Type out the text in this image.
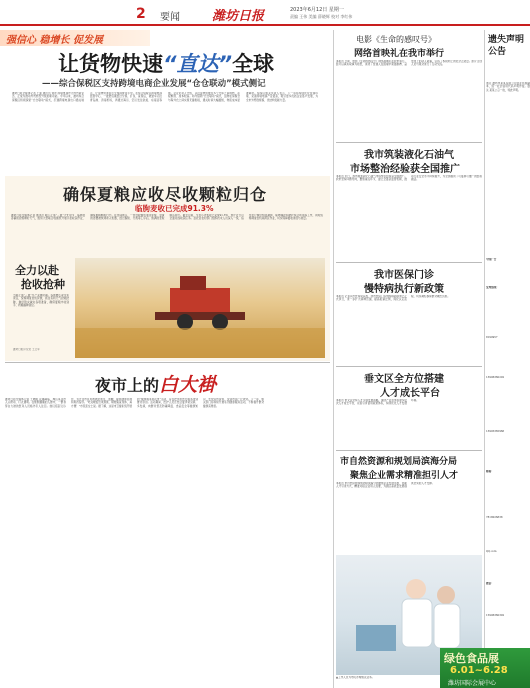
2 要闻 潍坊日报	2023年6月12日 星期一
责编 王伟 美编 薛晓辉 校对 李红伟
强信心 稳增长 促发展
让货物快速“直达”全球
——综合保税区支持跨境电商企业发展“仓仓联动”模式侧记
潍坊日报全媒体记者 王蕾 通讯员 刘洋 跨境电商作为外贸新业态，正成为推动外贸转型升级的新动能。今年以来，潍坊综合保税区积极探索“仓仓联动”模式，打通跨境电商出口通关堵点，让货物快速直达全球消费者手中。在综合保税区跨境电商监管中心，一批批包裹经过分拣、打包、查验后，被装车运往青岛港、济南机场，再通过海运、空运发往欧美、东南亚等地。企业负责人介绍，以往货物需要在多个仓库之间周转，流程繁琐、成本较高。如今借助“仓仓联动”模式，货物在保税仓与海外仓之间实现无缝衔接，通关时间大幅缩短，物流成本显著降低。综保区相关负责人表示，下一步将持续优化营商环境，完善跨境电商产业链条，吸引更多优质企业落户发展，为全市外贸稳规模、优结构贡献力量。
确保夏粮应收尽收颗粒归仓
临朐麦收已完成91.3%
潍坊日报全媒体记者 通讯员 眼下正值“三夏”大忙时节，临朐县各镇街抢抓晴好天气，组织大型联合收割机开展小麦收获作业，确保夏粮颗粒归仓。在田间地头，一台台收割机来回穿梭，金黄的麦穗被快速卷入机器，经过脱粒、分离等工序后，饱满的麦粒倾泻而出。截至目前，全县小麦机收已完成91.3%，预计近日可全面完成收获任务。县农业农村部门组织技术人员深入一线，指导农户做好机收减损、晾晒储存和秸秆综合利用等工作，同时统筹调度农机具跨区作业，切实保障夏收进度与质量。
全力以赴
抢收抢种
当前正值“三夏”生产关键时期。各地要压紧压实责任，统筹调度农机资源，抓住有利天气抢收抢种，做好防灾减灾各项准备，确保夏粮丰收到手、秋粮播种到位。
潍坊日报评论员 王立军
夜市上的白大褂
潍坊日报全媒体记者 王晓明 夜幕降临，城区某夜市人头攒动、灯火通明。在熙熙攘攘的人群中，一群身穿白大褂的医务人员格外引人注目。他们搭起义诊台，为过往市民免费测量血压、血糖，提供健康咨询和用药指导。“吃完晚饭出来逛逛，顺便查查身体，真方便！”市民张女士说。据了解，这是市卫健系统开展的“健康服务进夜市”活动，旨在把优质医疗服务送到群众身边。活动期间，医护人员还结合夏季常见病、多发病，向群众普及防暑降温、食品安全等健康知识，发放宣传资料，受到市民广泛欢迎。下一步，相关部门将持续开展系列健康服务活动，不断提升群众健康获得感。
电影《生命的感叹号》
网络首映礼在我市举行
本报讯 日前，电影《生命的感叹号》网络首映礼在我市举行。影片以真实故事为原型，讲述了普通人在困境中顽强拼搏、奋发向上的动人故事，弘扬了积极向上的社会正能量。影片主创人员与观众进行了互动交流。
我市筑装液化石油气
市场整治经验获全国推广
本报讯 近日，我市瓶装液化石油气市场整治经验获全国推广。我市坚持问题导向，聚焦重点环节，建立全链条监管机制，推动行业安全水平持续提升，为全国提供了可复制可推广的经验做法。
我市医保门诊
慢特病执行新政策
本报讯 记者从市医保局获悉，我市医保门诊慢特病新政策已正式执行，进一步扩大病种范围，提高报销比例，简化认定流程，切实减轻参保群众就医负担。
垂文区全方位搭建
人才成长平台
本报讯 垂文区坚持人才引领发展战略，围绕产业需求搭建多层次人才成长平台，完善引育留用政策体系，持续优化人才发展环境。
市自然资源和规划局滨海分局
聚焦企业需求精准担引人才
本报讯 市自然资源和规划局滨海分局聚焦企业发展需求，创新人才引进方式，精准对接企业用人需要，为园区高质量发展提供坚实的人才支撑。
▲工作人员为市民办理相关业务。
遗失声明公告
遗失 潍坊市某某有限公司营业执照副本，统一社会信用代码声明作废。遗失 某某公章一枚，特此声明。
中国广告
受理热线：
8190957
13906360202
13905365966
邮箱：
7818026838
QQ.com
微信：
15906360302
绿色食品展
6.01~6.28
潍坊国际会展中心
